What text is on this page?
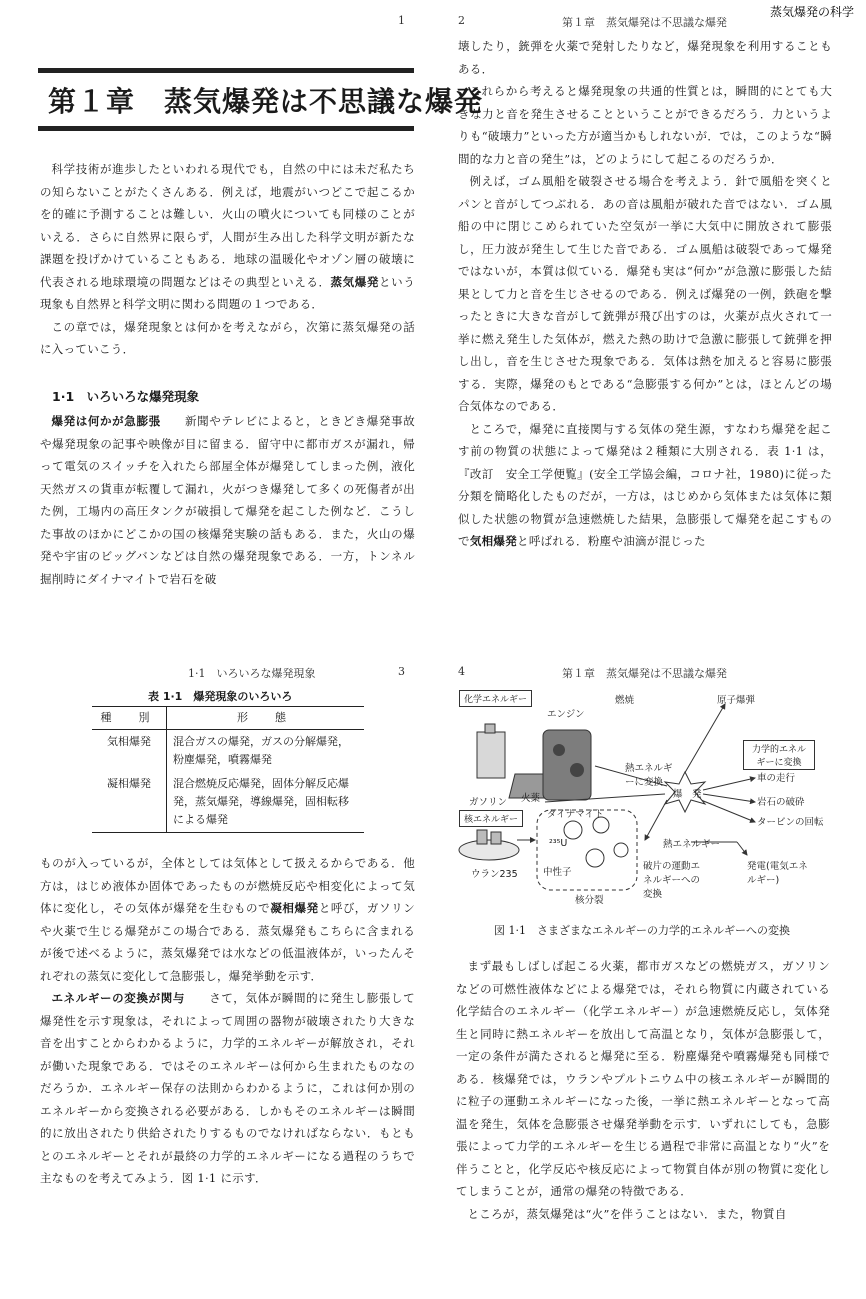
蒸気爆発の科学
1
第１章　蒸気爆発は不思議な爆発

科学技術が進歩したといわれる現代でも，自然の中には未だ私たちの知らないことがたくさんある．例えば，地震がいつどこで起こるかを的確に予測することは難しい．火山の噴火についても同様のことがいえる．さらに自然界に限らず，人間が生み出した科学文明が新たな課題を投げかけていることもある．地球の温暖化やオゾン層の破壊に代表される地球環境の問題などはその典型といえる．蒸気爆発という現象も自然界と科学文明に関わる問題の１つである．

この章では，爆発現象とは何かを考えながら，次第に蒸気爆発の話に入っていこう．

1·1　いろいろな爆発現象

爆発は何かが急膨張　　 新聞やテレビによると，ときどき爆発事故や爆発現象の記事や映像が目に留まる．留守中に都市ガスが漏れ，帰って電気のスイッチを入れたら部屋全体が爆発してしまった例，液化天然ガスの貨車が転覆して漏れ，火がつき爆発して多くの死傷者が出た例，工場内の高圧タンクが破損して爆発を起こした例など．こうした事故のほかにどこかの国の核爆発実験の話もある．また，火山の爆発や宇宙のビッグバンなどは自然の爆発現象である．一方，トンネル掘削時にダイナマイトで岩石を破

2	第１章　蒸気爆発は不思議な爆発

壊したり，銃弾を火薬で発射したりなど，爆発現象を利用することもある．

これらから考えると爆発現象の共通的性質とは，瞬間的にとても大きな力と音を発生させることということができるだろう．力というよりも“破壊力”といった方が適当かもしれないが．では，このような“瞬間的な力と音の発生”は，どのようにして起こるのだろうか．

例えば，ゴム風船を破裂させる場合を考えよう．針で風船を突くとパンと音がしてつぶれる．あの音は風船が破れた音ではない．ゴム風船の中に閉じこめられていた空気が一挙に大気中に開放されて膨張し，圧力波が発生して生じた音である．ゴム風船は破裂であって爆発ではないが，本質は似ている．爆発も実は“何か”が急激に膨張した結果として力と音を生じさせるのである．例えば爆発の一例，鉄砲を撃ったときに大きな音がして銃弾が飛び出すのは，火薬が点火されて一挙に燃え発生した気体が，燃えた熱の助けで急激に膨張して銃弾を押し出し，音を生じさせた現象である．気体は熱を加えると容易に膨張する．実際，爆発のもとである“急膨張する何か”とは，ほとんどの場合気体なのである．

ところで，爆発に直接関与する気体の発生源，すなわち爆発を起こす前の物質の状態によって爆発は２種類に大別される．表 1·1 は，『改訂　安全工学便覧』(安全工学協会編，コロナ社，1980)に従った分類を簡略化したものだが，一方は，はじめから気体または気体に類似した状態の物質が急速燃焼した結果，急膨張して爆発を起こすもので気相爆発と呼ばれる．粉塵や油滴が混じった

1·1　いろいろな爆発現象	3
表 1·1　爆発現象のいろいろ
種　別	形　態
気相爆発	混合ガスの爆発，ガスの分解爆発，粉塵爆発，噴霧爆発
凝相爆発	混合燃焼反応爆発，固体分解反応爆発，蒸気爆発，導線爆発，固相転移による爆発

ものが入っているが，全体としては気体として扱えるからである．他方は，はじめ液体か固体であったものが燃焼反応や相変化によって気体に変化し，その気体が爆発を生むもので凝相爆発と呼び，ガソリンや火薬で生じる爆発がこの場合である．蒸気爆発もこちらに含まれるが後で述べるように，蒸気爆発では水などの低温液体が，いったんそれぞれの蒸気に変化して急膨張し，爆発挙動を示す．

エネルギーの変換が関与　　 さて，気体が瞬間的に発生し膨張して爆発性を示す現象は，それによって周囲の器物が破壊されたり大きな音を出すことからわかるように，力学的エネルギーが解放され，それが働いた現象である．ではそのエネルギーは何から生まれたものなのだろうか．エネルギー保存の法則からわかるように，これは何か別のエネルギーから変換される必要がある．しかもそのエネルギーは瞬間的に放出されたり供給されたりするものでなければならない．もともとのエネルギーとそれが最終の力学的エネルギーになる過程のうちで主なものを考えてみよう．図 1·1 に示す．

4	第１章　蒸気爆発は不思議な爆発
化学エネルギー	燃焼
エンジン
原子爆弾
力学的エネルギーに変換
火薬
ガソリン
ダイナマイト
熱エネルギーに変換
爆　発
車の走行
岩石の破砕
タービンの回転
発電(電気エネルギー)
核エネルギー
熱エネルギー
ウラン235
²³⁵U
中性子
核分裂
破片の運動エネルギーへの変換
図 1·1　さまざまなエネルギーの力学的エネルギーへの変換

まず最もしばしば起こる火薬，都市ガスなどの燃焼ガス，ガソリンなどの可燃性液体などによる爆発では，それら物質に内蔵されている化学結合のエネルギー（化学エネルギー）が急速燃焼反応し，気体発生と同時に熱エネルギーを放出して高温となり，気体が急膨張して，一定の条件が満たされると爆発に至る．粉塵爆発や噴霧爆発も同様である．核爆発では，ウランやプルトニウム中の核エネルギーが瞬間的に粒子の運動エネルギーになった後，一挙に熱エネルギーとなって高温を発生，気体を急膨張させ爆発挙動を示す．いずれにしても，急膨張によって力学的エネルギーを生じる過程で非常に高温となり“火”を伴うことと，化学反応や核反応によって物質自体が別の物質に変化してしまうことが，通常の爆発の特徴である．

ところが，蒸気爆発は“火”を伴うことはない．また，物質自
